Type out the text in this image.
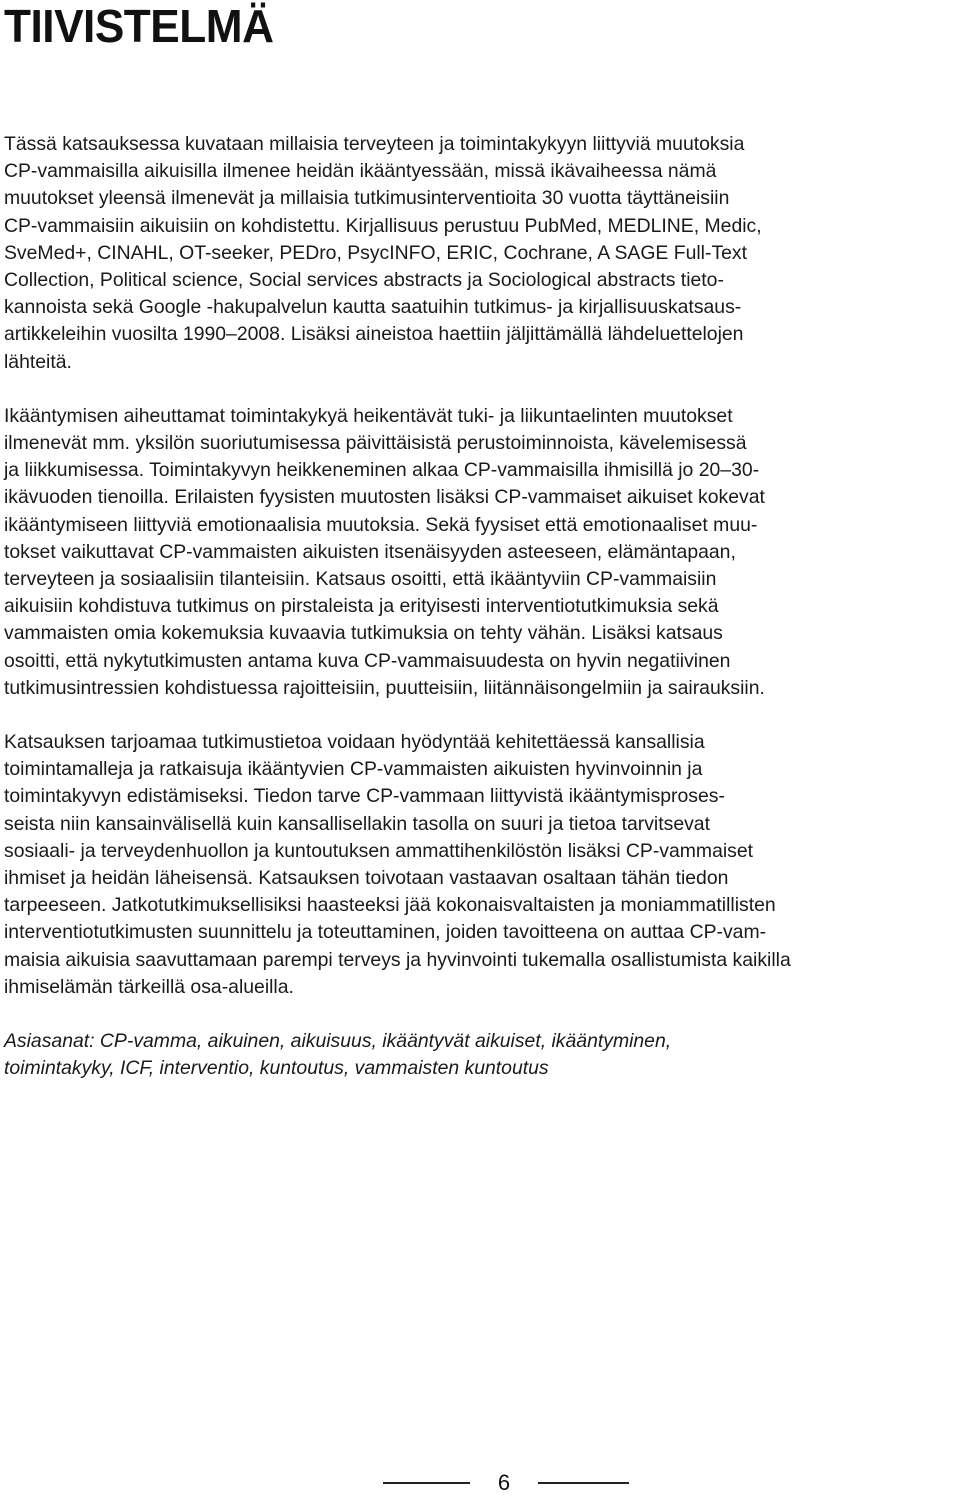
TIIVISTELMÄ

Tässä katsauksessa kuvataan millaisia terveyteen ja toimintakykyyn liittyviä muutoksia
CP-vammaisilla aikuisilla ilmenee heidän ikääntyessään, missä ikävaiheessa nämä
muutokset yleensä ilmenevät ja millaisia tutkimusinterventioita 30 vuotta täyttäneisiin
CP-vammaisiin aikuisiin on kohdistettu. Kirjallisuus perustuu PubMed, MEDLINE, Medic,
SveMed+, CINAHL, OT-seeker, PEDro, PsycINFO, ERIC, Cochrane, A SAGE Full-Text
Collection, Political science, Social services abstracts ja Sociological abstracts tieto-
kannoista sekä Google -hakupalvelun kautta saatuihin tutkimus- ja kirjallisuuskatsaus-
artikkeleihin vuosilta 1990–2008. Lisäksi aineistoa haettiin jäljittämällä lähdeluettelojen
lähteitä.

Ikääntymisen aiheuttamat toimintakykyä heikentävät tuki- ja liikuntaelinten muutokset
ilmenevät mm. yksilön suoriutumisessa päivittäisistä perustoiminnoista, kävelemisessä
ja liikkumisessa. Toimintakyvyn heikkeneminen alkaa CP-vammaisilla ihmisillä jo 20–30-
ikävuoden tienoilla. Erilaisten fyysisten muutosten lisäksi CP-vammaiset aikuiset kokevat
ikääntymiseen liittyviä emotionaalisia muutoksia. Sekä fyysiset että emotionaaliset muu-
tokset vaikuttavat CP-vammaisten aikuisten itsenäisyyden asteeseen, elämäntapaan,
terveyteen ja sosiaalisiin tilanteisiin. Katsaus osoitti, että ikääntyviin CP-vammaisiin
aikuisiin kohdistuva tutkimus on pirstaleista ja erityisesti interventiotutkimuksia sekä
vammaisten omia kokemuksia kuvaavia tutkimuksia on tehty vähän. Lisäksi katsaus
osoitti, että nykytutkimusten antama kuva CP-vammaisuudesta on hyvin negatiivinen
tutkimusintressien kohdistuessa rajoitteisiin, puutteisiin, liitännäisongelmiin ja sairauksiin.

Katsauksen tarjoamaa tutkimustietoa voidaan hyödyntää kehitettäessä kansallisia
toimintamalleja ja ratkaisuja ikääntyvien CP-vammaisten aikuisten hyvinvoinnin ja
toimintakyvyn edistämiseksi. Tiedon tarve CP-vammaan liittyvistä ikääntymisproses-
seista niin kansainvälisellä kuin kansallisellakin tasolla on suuri ja tietoa tarvitsevat
sosiaali- ja terveydenhuollon ja kuntoutuksen ammattihenkilöstön lisäksi CP-vammaiset
ihmiset ja heidän läheisensä. Katsauksen toivotaan vastaavan osaltaan tähän tiedon
tarpeeseen. Jatkotutkimuksellisiksi haasteeksi jää kokonaisvaltaisten ja moniammatillisten
interventiotutkimusten suunnittelu ja toteuttaminen, joiden tavoitteena on auttaa CP-vam-
maisia aikuisia saavuttamaan parempi terveys ja hyvinvointi tukemalla osallistumista kaikilla
ihmiselämän tärkeillä osa-alueilla.

Asiasanat: CP-vamma, aikuinen, aikuisuus, ikääntyvät aikuiset, ikääntyminen,
toimintakyky, ICF, interventio, kuntoutus, vammaisten kuntoutus

6
